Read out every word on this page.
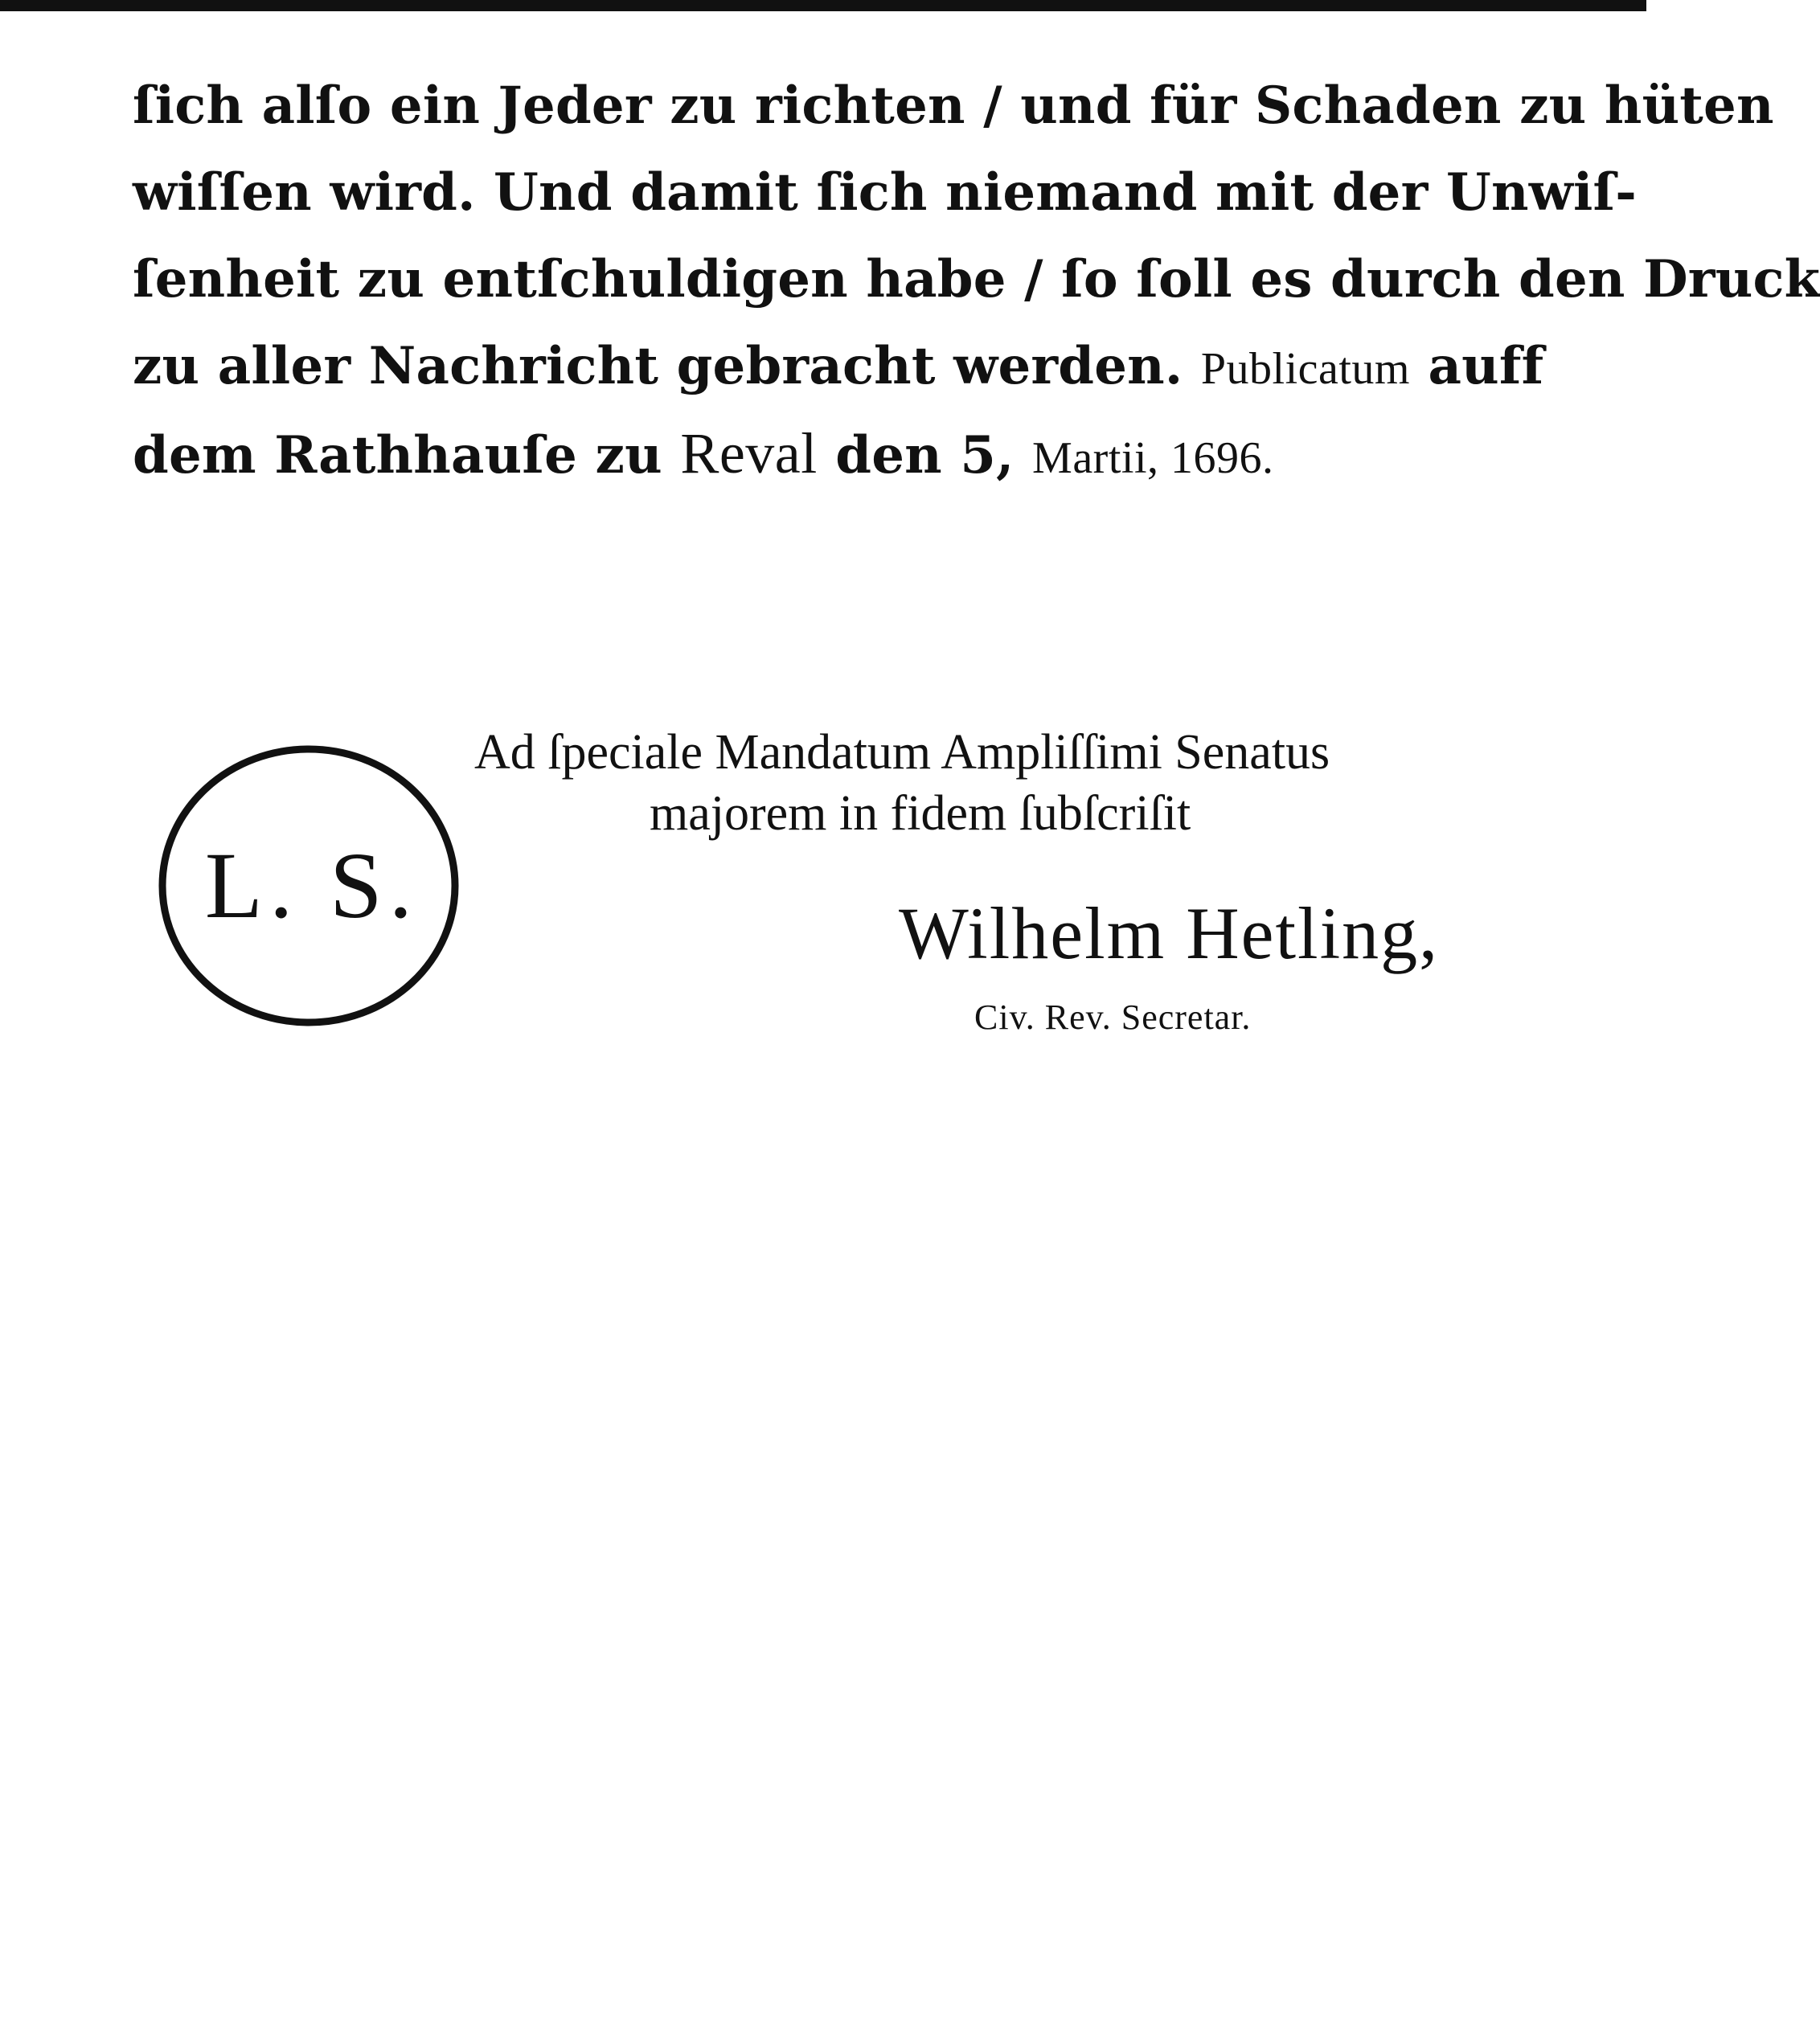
ſich alſo ein Jeder zu richten / und für Schaden zu hüten
wiſſen wird. Und damit ſich niemand mit der Unwiſ-
ſenheit zu entſchuldigen habe / ſo ſoll es durch den Druck
zu aller Nachricht gebracht werden. Publicatum auff
dem Rathhauſe zu Reval den 5, Martii, 1696.
L. S.
Ad ſpeciale Mandatum Ampliſſimi Senatus
majorem in fidem ſubſcriſit
Wilhelm Hetling,
Civ. Rev. Secretar.
